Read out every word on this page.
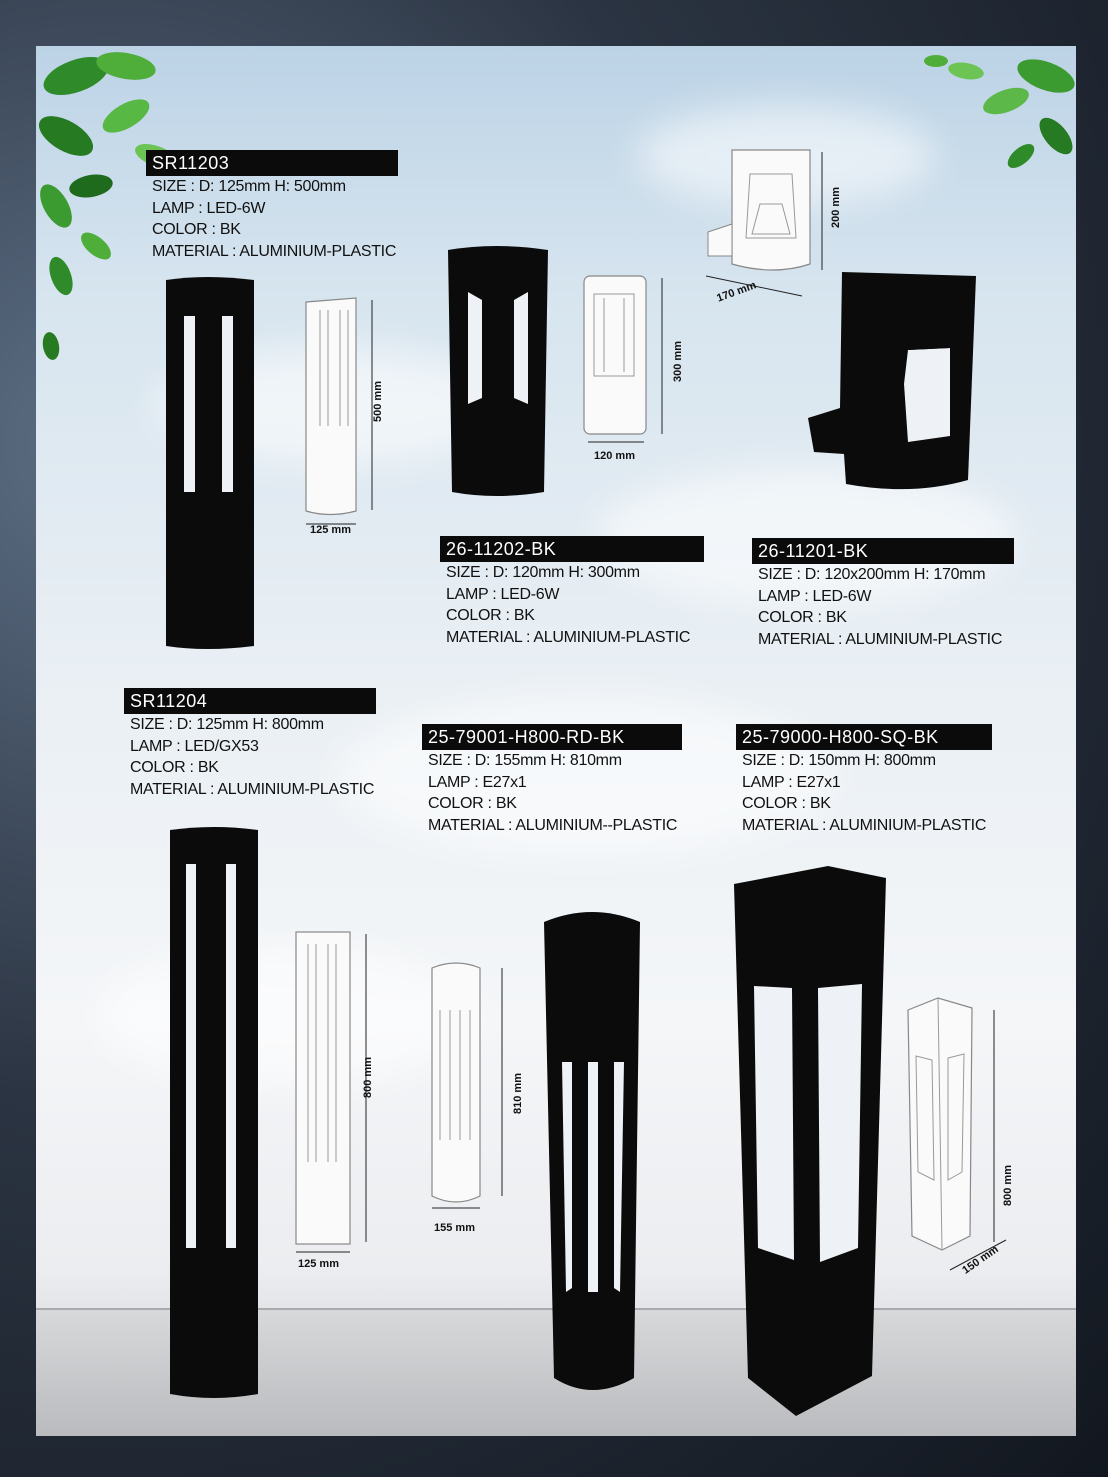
SR11203
SIZE : D: 125mm H: 500mm
LAMP : LED-6W
COLOR : BK
MATERIAL : ALUMINIUM-PLASTIC
500 mm
125 mm
300 mm
120 mm
26-11202-BK
SIZE : D: 120mm H: 300mm
LAMP : LED-6W
COLOR : BK
MATERIAL : ALUMINIUM-PLASTIC
200 mm
170 mm
26-11201-BK
SIZE : D: 120x200mm H: 170mm
LAMP : LED-6W
COLOR : BK
MATERIAL : ALUMINIUM-PLASTIC
SR11204
SIZE : D: 125mm H: 800mm
LAMP : LED/GX53
COLOR : BK
MATERIAL : ALUMINIUM-PLASTIC
800 mm
125 mm
25-79001-H800-RD-BK
SIZE : D: 155mm H: 810mm
LAMP : E27x1
COLOR : BK
MATERIAL : ALUMINIUM--PLASTIC
810 mm
155 mm
25-79000-H800-SQ-BK
SIZE : D: 150mm H: 800mm
LAMP : E27x1
COLOR : BK
MATERIAL : ALUMINIUM-PLASTIC
800 mm
150 mm
